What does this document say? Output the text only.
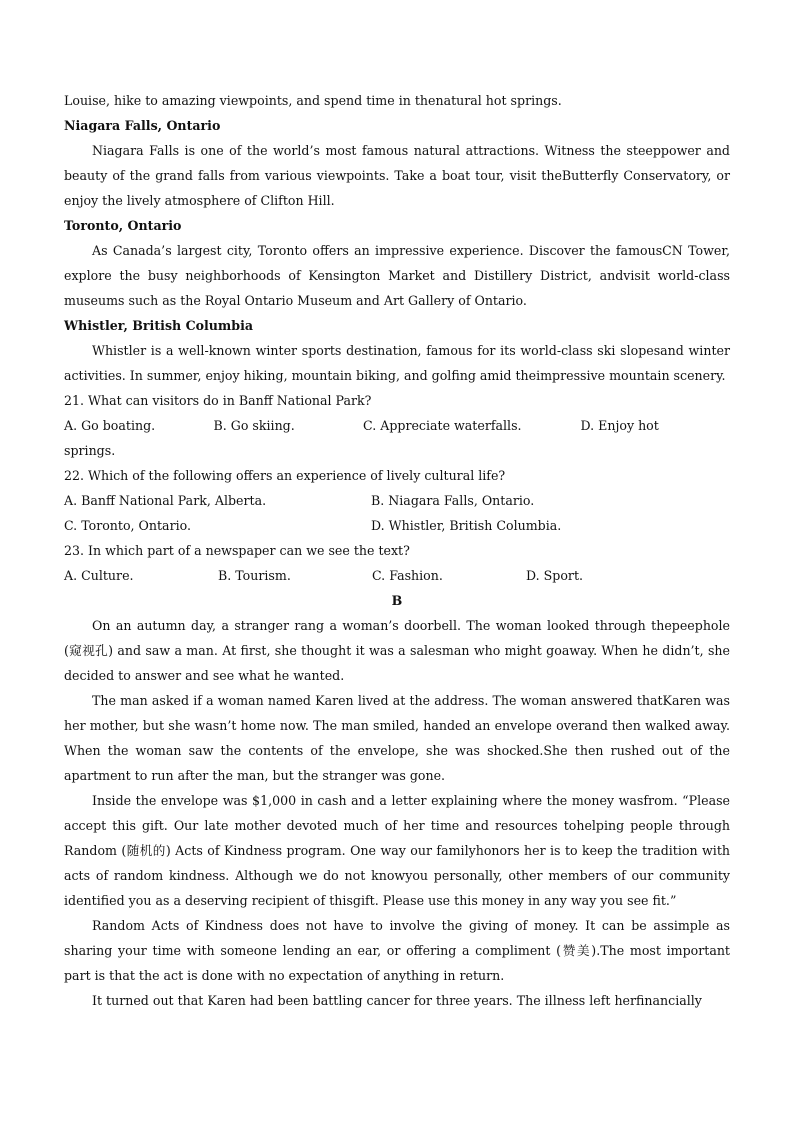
Louise, hike to amazing viewpoints, and spend time in thenatural hot springs.

Niagara Falls, Ontario

Niagara Falls is one of the world’s most famous natural attractions. Witness the steeppower and beauty of the grand falls from various viewpoints. Take a boat tour, visit theButterfly Conservatory, or enjoy the lively atmosphere of Clifton Hill.

Toronto, Ontario

As Canada’s largest city, Toronto offers an impressive experience. Discover the famousCN Tower, explore the busy neighborhoods of Kensington Market and Distillery District, andvisit world-class museums such as the Royal Ontario Museum and Art Gallery of Ontario.

Whistler, British Columbia

Whistler is a well-known winter sports destination, famous for its world-class ski slopesand winter activities. In summer, enjoy hiking, mountain biking, and golfing amid theimpressive mountain scenery.

21. What can visitors do in Banff National Park?

A. Go boating.	B. Go skiing.	C. Appreciate waterfalls.	D. Enjoy hot

springs.

22. Which of the following offers an experience of lively cultural life?

A. Banff National Park, Alberta.	B. Niagara Falls, Ontario.
C. Toronto, Ontario.	D. Whistler, British Columbia.

23. In which part of a newspaper can we see the text?

A. Culture.	B. Tourism.	C. Fashion.	D. Sport.

B

On an autumn day, a stranger rang a woman’s doorbell. The woman looked through thepeephole (窥视孔) and saw a man. At first, she thought it was a salesman who might goaway. When he didn’t, she decided to answer and see what he wanted.

The man asked if a woman named Karen lived at the address. The woman answered thatKaren was her mother, but she wasn’t home now. The man smiled, handed an envelope overand then walked away. When the woman saw the contents of the envelope, she was shocked.She then rushed out of the apartment to run after the man, but the stranger was gone.

Inside the envelope was $1,000 in cash and a letter explaining where the money wasfrom. “Please accept this gift. Our late mother devoted much of her time and resources tohelping people through Random (随机的) Acts of Kindness program. One way our familyhonors her is to keep the tradition with acts of random kindness. Although we do not knowyou personally, other members of our community identified you as a deserving recipient of thisgift. Please use this money in any way you see fit.”

Random Acts of Kindness does not have to involve the giving of money. It can be assimple as sharing your time with someone lending an ear, or offering a compliment (赞美).The most important part is that the act is done with no expectation of anything in return.

It turned out that Karen had been battling cancer for three years. The illness left herfinancially
